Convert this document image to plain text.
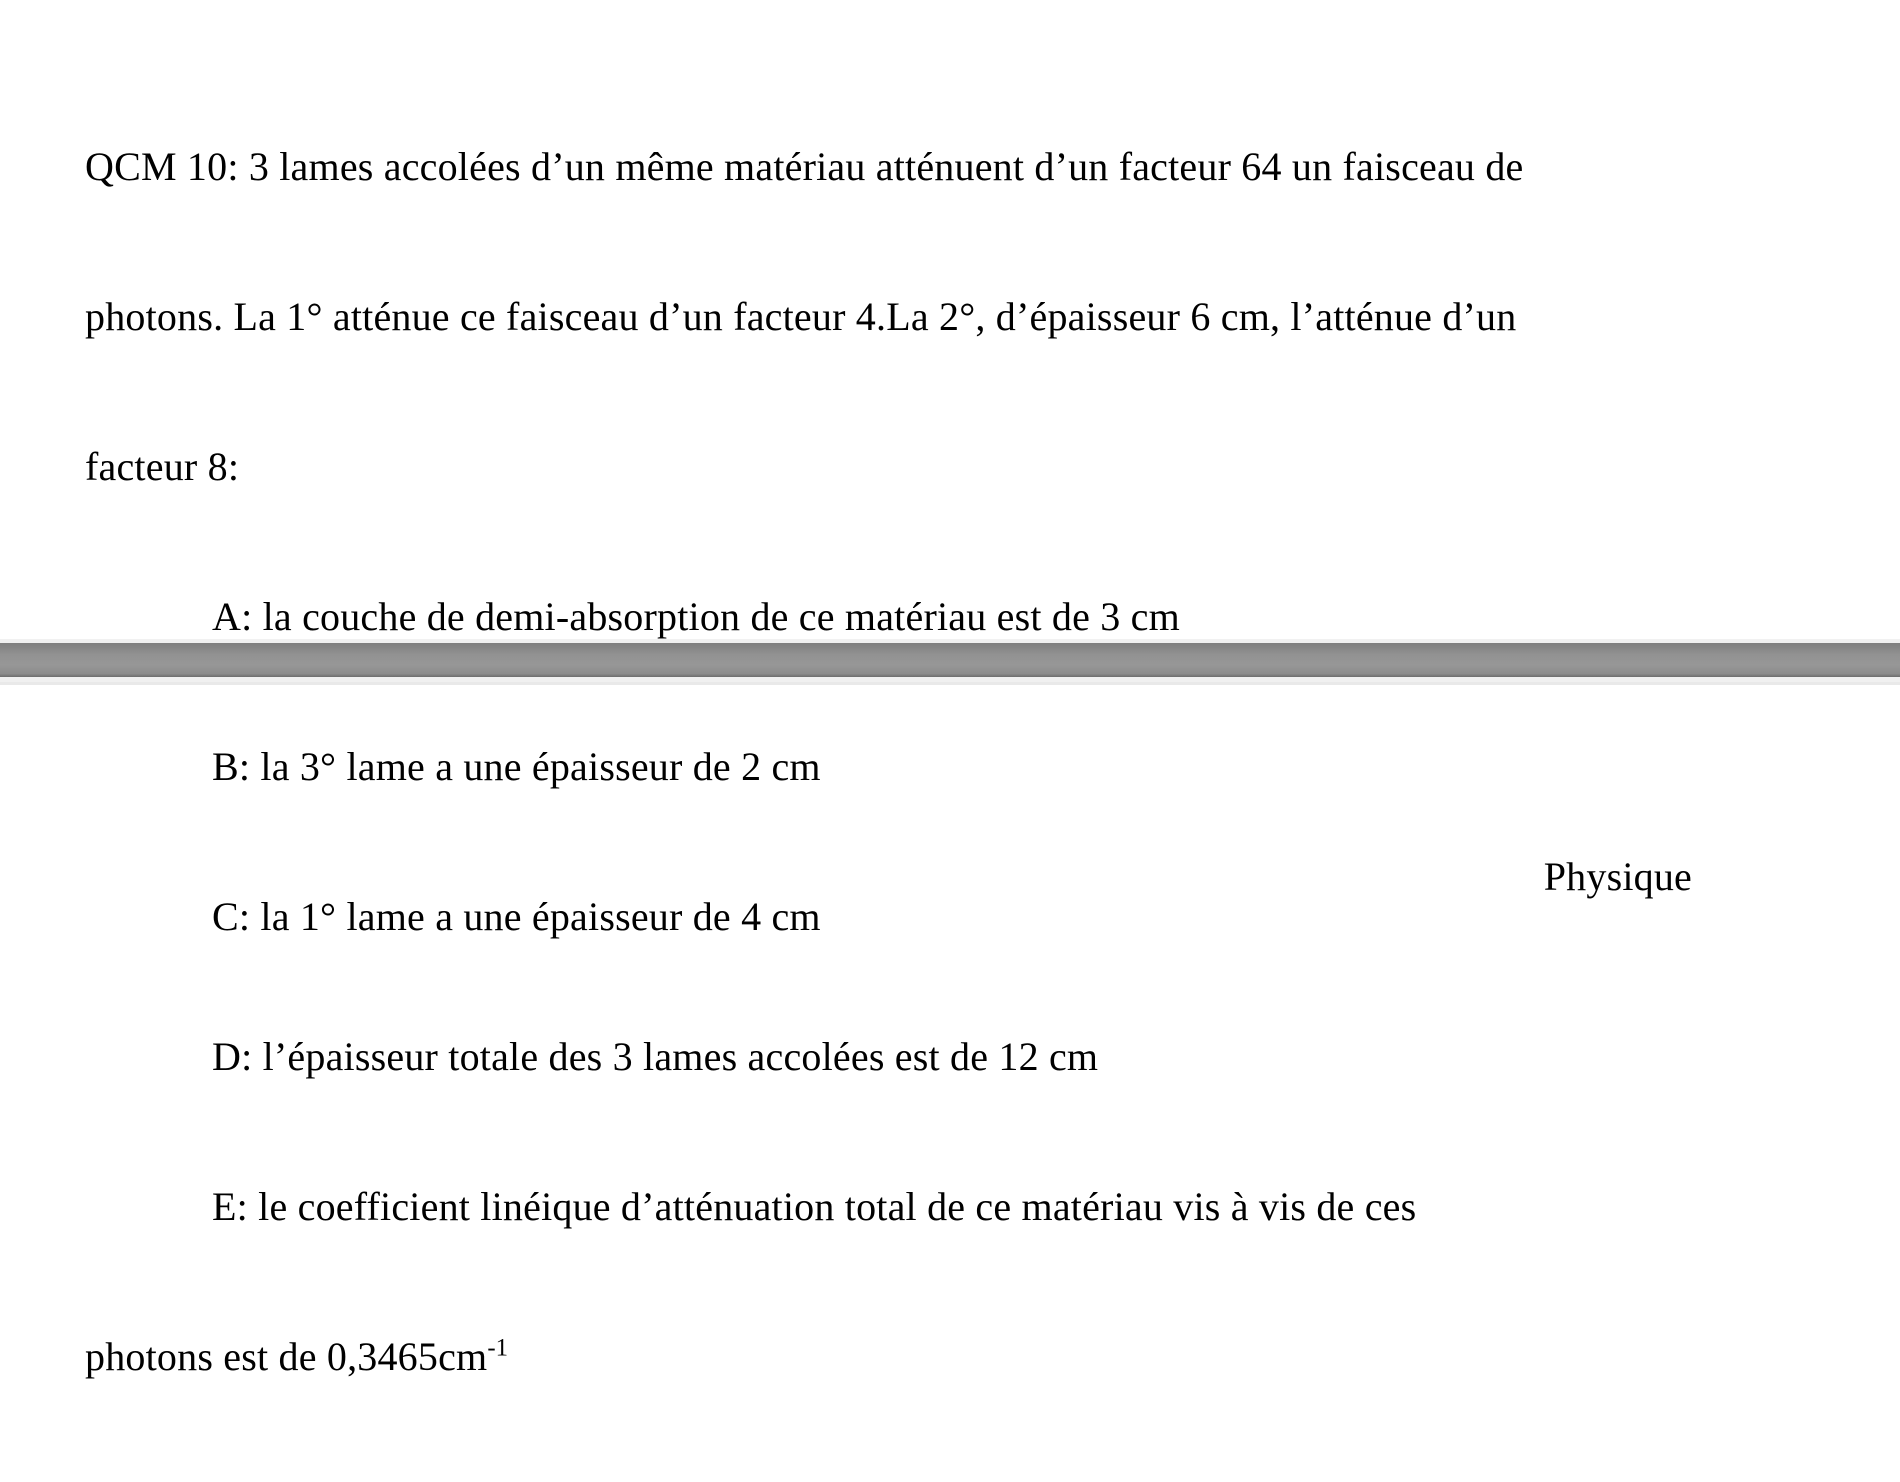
QCM 10: 3 lames accolées d’un même matériau atténuent d’un facteur 64 un faisceau de

photons. La 1° atténue ce faisceau d’un facteur 4.La 2°, d’épaisseur 6 cm, l’atténue d’un

facteur 8:

A: la couche de demi-absorption de ce matériau est de 3 cm

B: la 3° lame a une épaisseur de 2 cm

C: la 1° lame a une épaisseur de 4 cm

Physique

D: l’épaisseur totale des 3 lames accolées est de 12 cm

E: le coefficient linéique d’atténuation total de ce matériau vis à vis de ces

photons est de $0,3465cm^{-1}$
